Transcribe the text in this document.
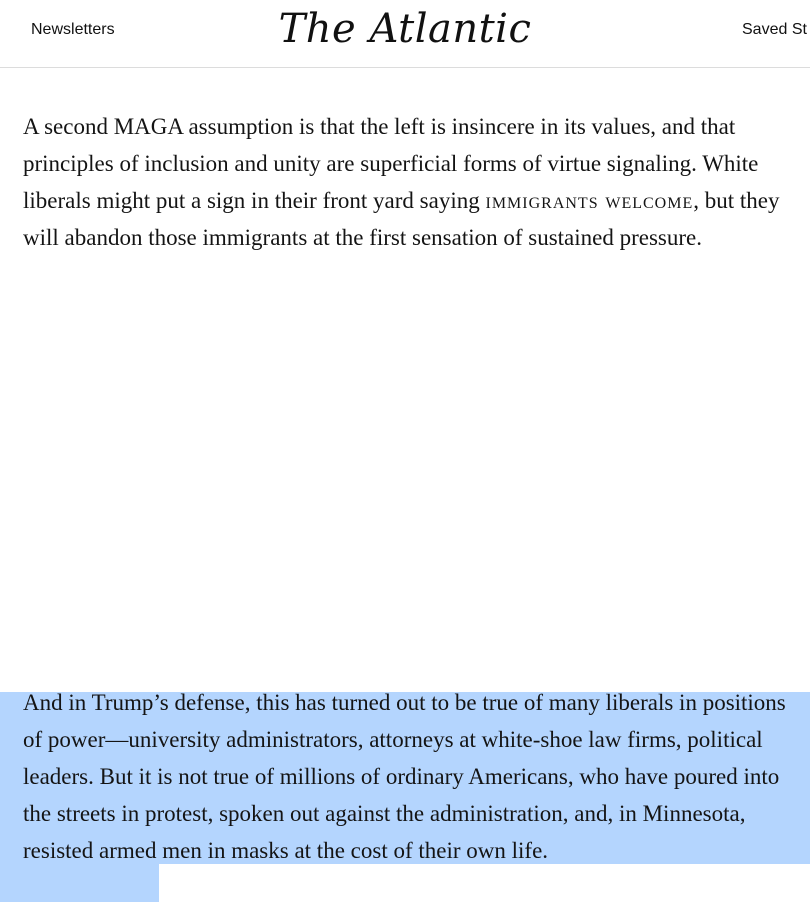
Newsletters	The Atlantic	Saved St

A second MAGA assumption is that the left is insincere in its values, and that principles of inclusion and unity are superficial forms of virtue signaling. White liberals might put a sign in their front yard saying immigrants welcome, but they will abandon those immigrants at the first sensation of sustained pressure.

And in Trump’s defense, this has turned out to be true of many liberals in positions of power—university administrators, attorneys at white-shoe law firms, political leaders. But it is not true of millions of ordinary Americans, who have poured into the streets in protest, spoken out against the administration, and, in Minnesota, resisted armed men in masks at the cost of their own life.
